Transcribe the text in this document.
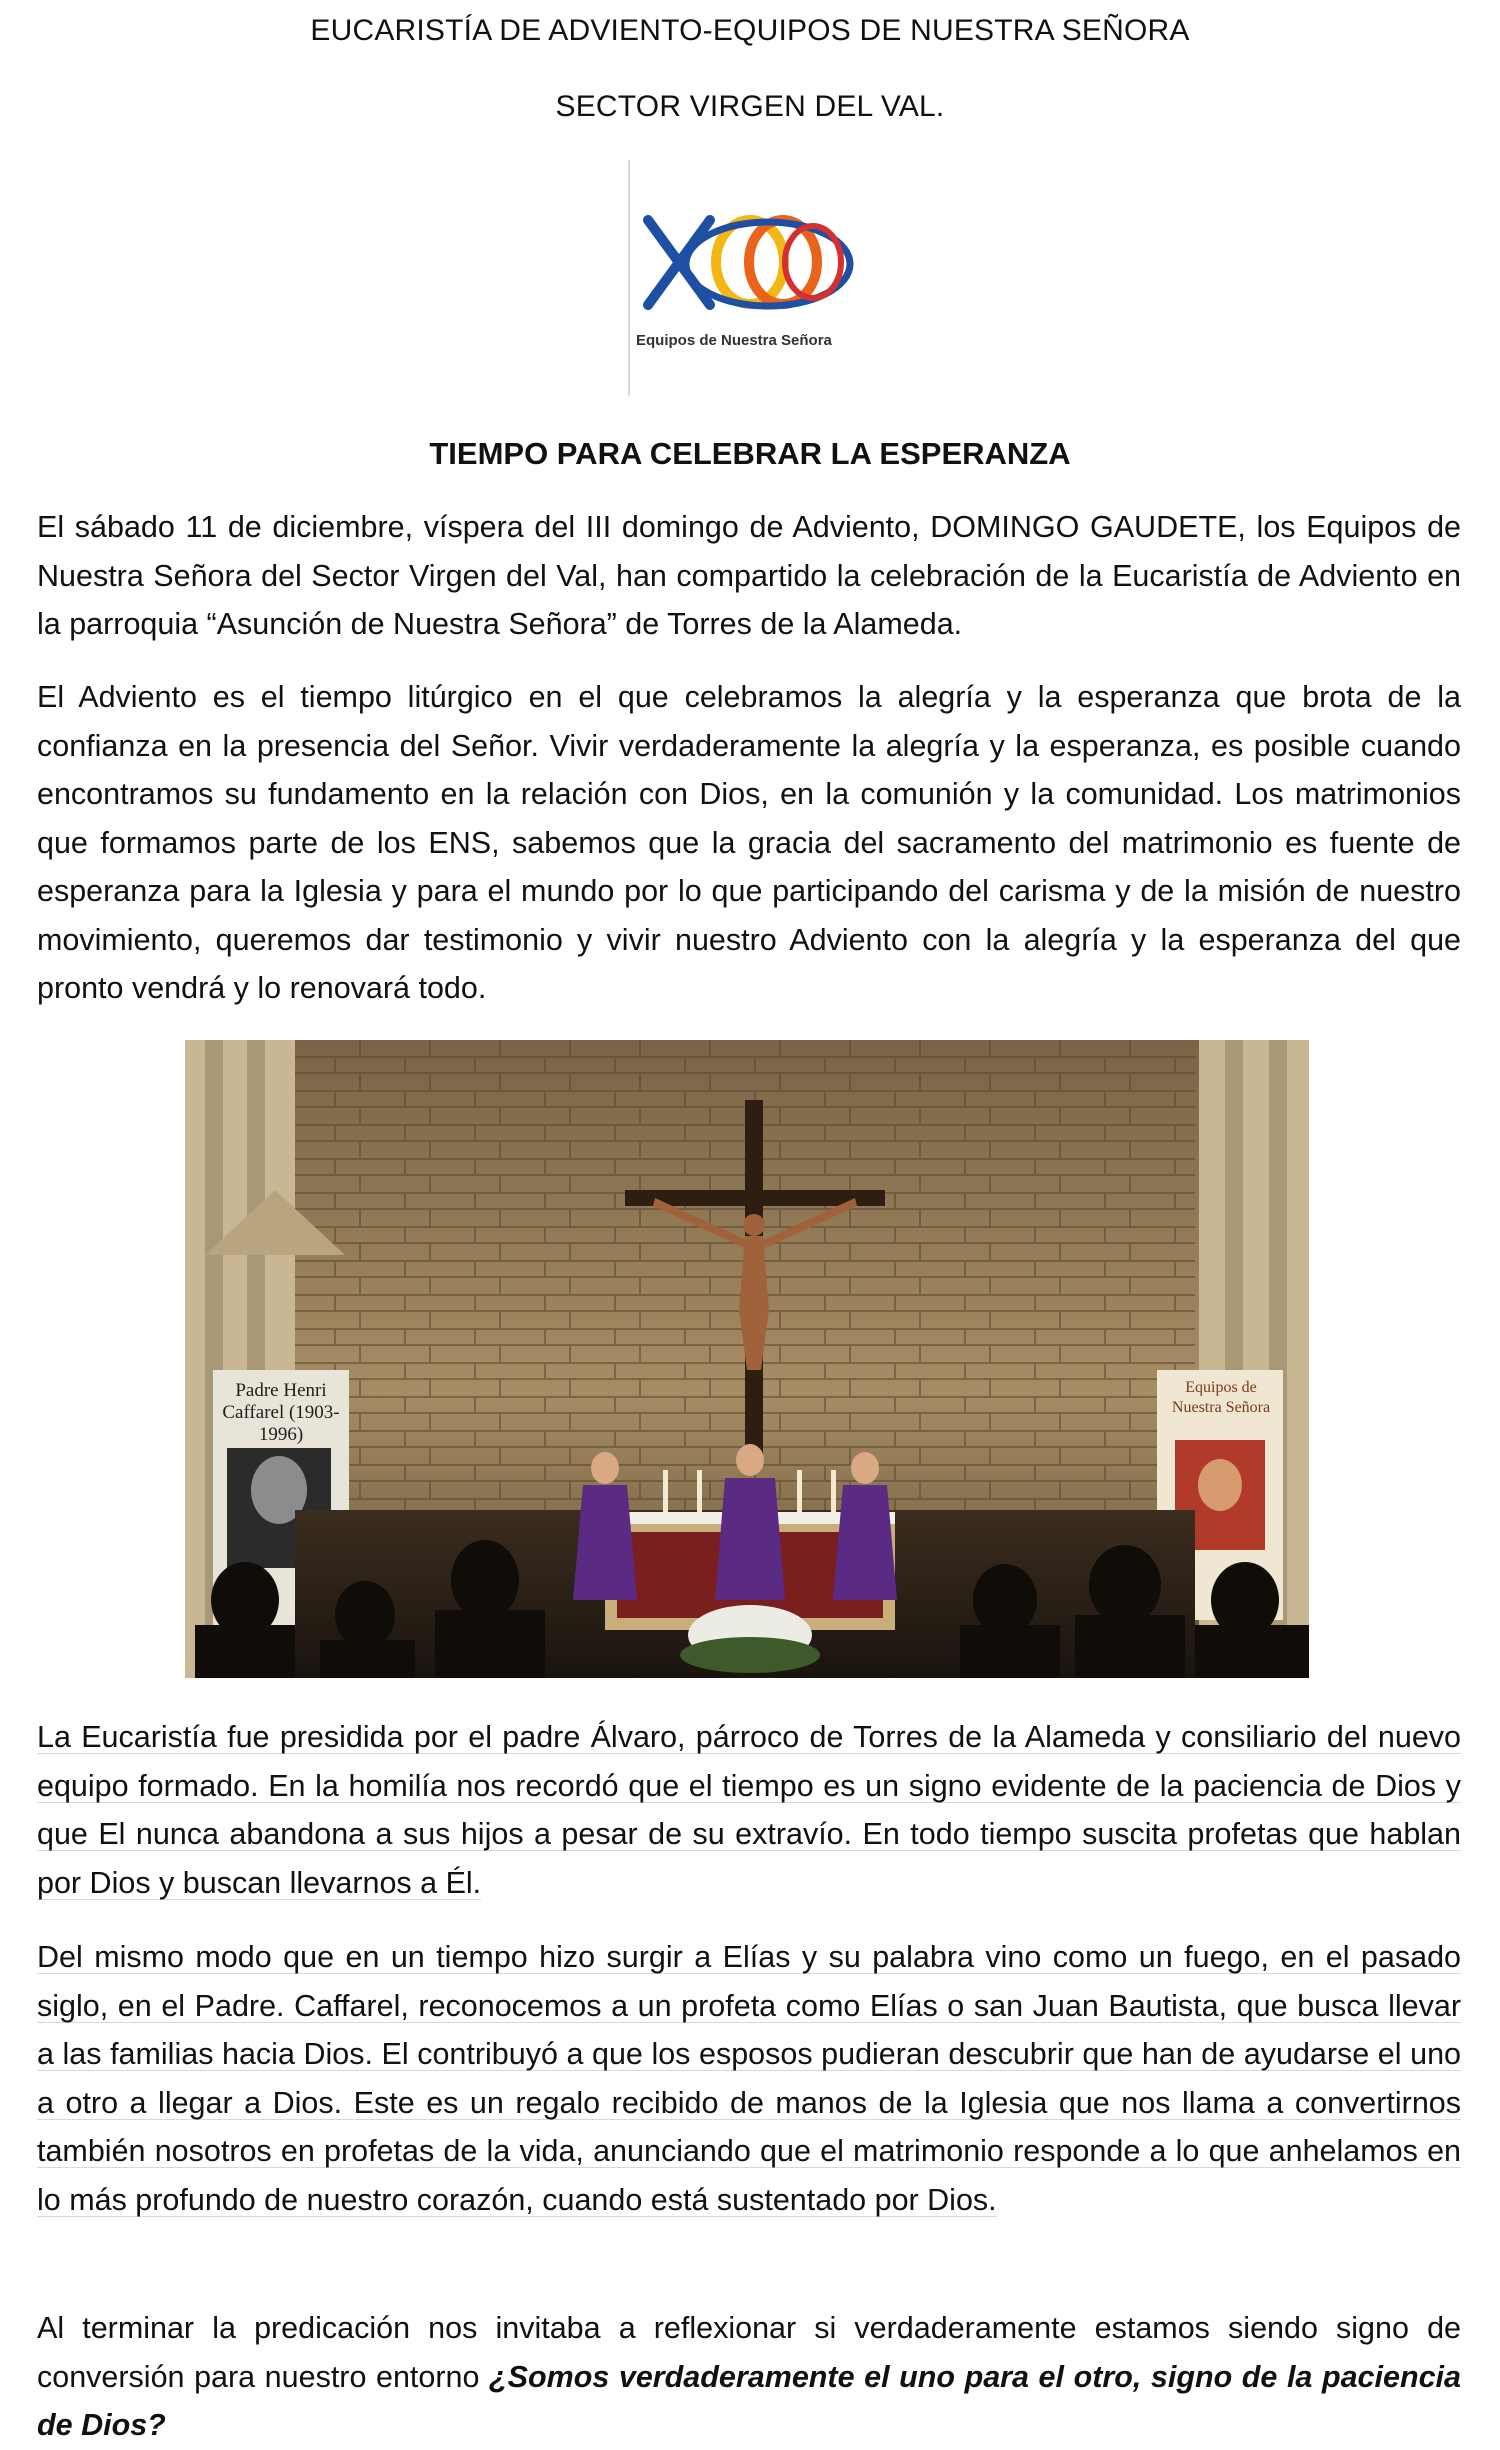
EUCARISTÍA DE ADVIENTO-EQUIPOS DE NUESTRA SEÑORA
SECTOR VIRGEN DEL VAL.
Equipos de Nuestra Señora
TIEMPO PARA CELEBRAR LA ESPERANZA

El sábado 11 de diciembre, víspera del III domingo de Adviento, DOMINGO GAUDETE, los Equipos de Nuestra Señora del Sector Virgen del Val, han compartido la celebración de la Eucaristía de Adviento en la parroquia “Asunción de Nuestra Señora” de Torres de la Alameda.

El Adviento es el tiempo litúrgico en el que celebramos la alegría y la esperanza que brota de la confianza en la presencia del Señor. Vivir verdaderamente la alegría y la esperanza, es posible cuando encontramos su fundamento en la relación con Dios, en la comunión y la comunidad. Los matrimonios que formamos parte de los ENS, sabemos que la gracia del sacramento del matrimonio es fuente de esperanza para la Iglesia y para el mundo por lo que participando del carisma y de la misión de nuestro movimiento, queremos dar testimonio y vivir nuestro Adviento con la alegría y la esperanza del que pronto vendrá y lo renovará todo.

Padre Henri Caffarel (1903-1996)
Equipos de Nuestra Señora

La Eucaristía fue presidida por el padre Álvaro, párroco de Torres de la Alameda y consiliario del nuevo equipo formado. En la homilía nos recordó que el tiempo es un signo evidente de la paciencia de Dios y que El nunca abandona a sus hijos a pesar de su extravío. En todo tiempo suscita profetas que hablan por Dios y buscan llevarnos a Él.

Del mismo modo que en un tiempo hizo surgir a Elías y su palabra vino como un fuego, en el pasado siglo, en el Padre. Caffarel, reconocemos a un profeta como Elías o san Juan Bautista, que busca llevar a las familias hacia Dios. El contribuyó a que los esposos pudieran descubrir que han de ayudarse el uno a otro a llegar a Dios. Este es un regalo recibido de manos de la Iglesia que nos llama a convertirnos también nosotros en profetas de la vida, anunciando que el matrimonio responde a lo que anhelamos en lo más profundo de nuestro corazón, cuando está sustentado por Dios.

Al terminar la predicación nos invitaba a reflexionar si verdaderamente estamos siendo signo de conversión para nuestro entorno ¿Somos verdaderamente el uno para el otro, signo de la paciencia de Dios?
